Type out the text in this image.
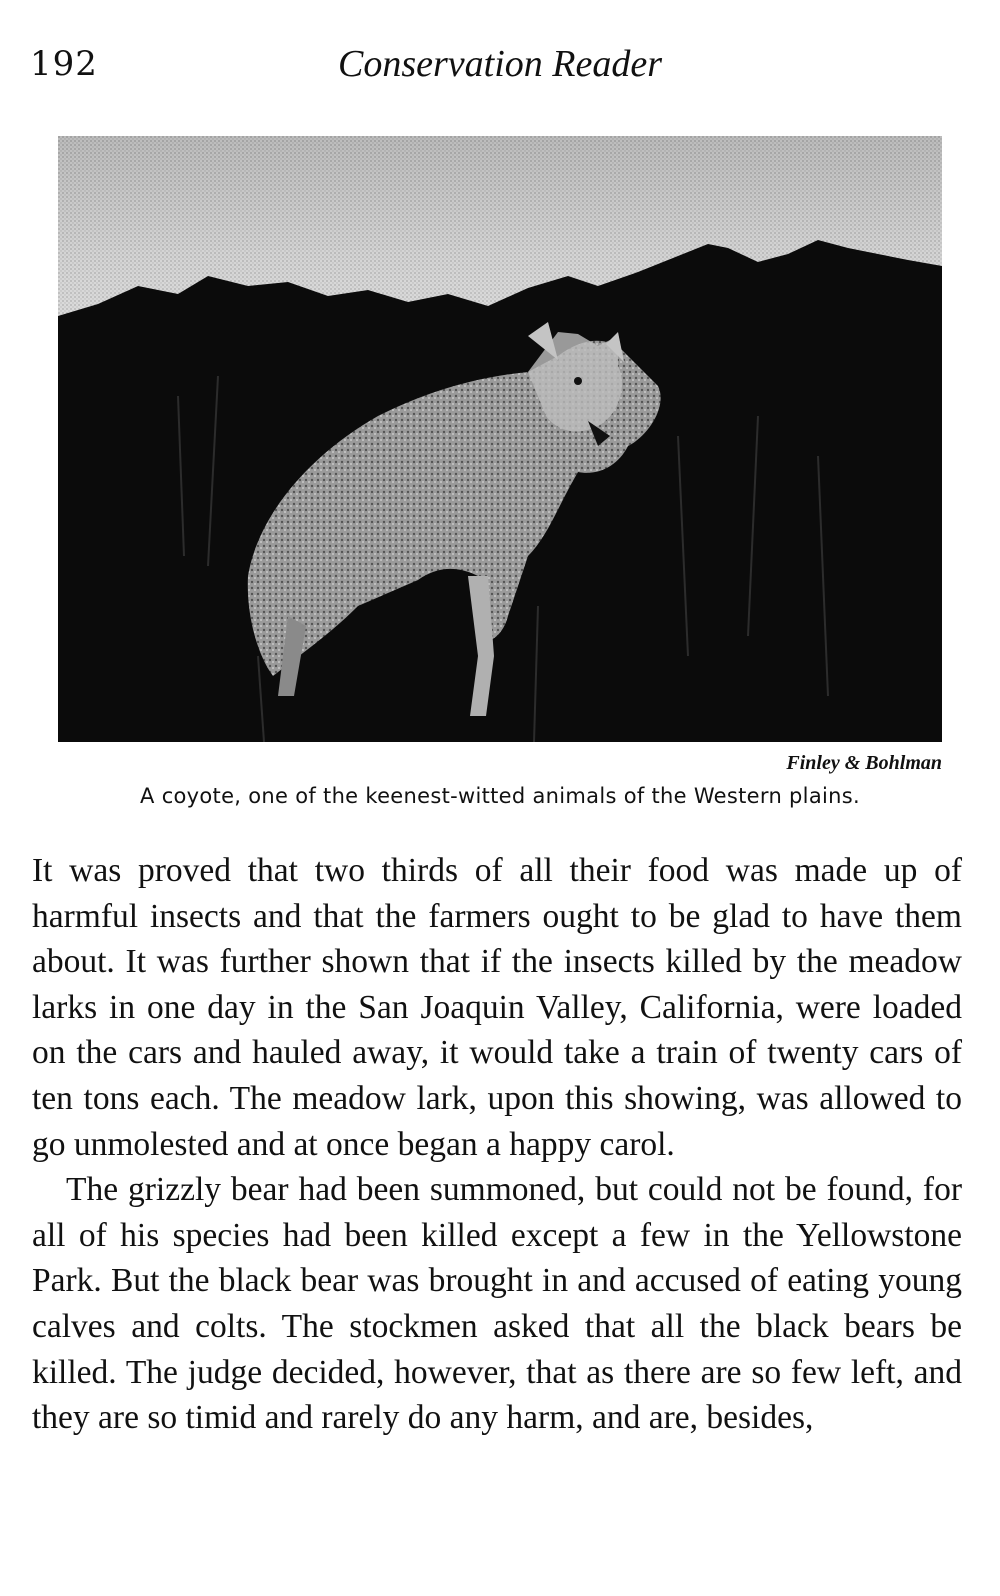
192	Conservation Reader
Finley & Bohlman
A coyote, one of the keenest-witted animals of the Western plains.

It was proved that two thirds of all their food was made up of harmful insects and that the farmers ought to be glad to have them about. It was further shown that if the insects killed by the meadow larks in one day in the San Joaquin Valley, California, were loaded on the cars and hauled away, it would take a train of twenty cars of ten tons each. The meadow lark, upon this showing, was allowed to go unmolested and at once began a happy carol.

The grizzly bear had been summoned, but could not be found, for all of his species had been killed except a few in the Yellowstone Park. But the black bear was brought in and accused of eating young calves and colts. The stockmen asked that all the black bears be killed. The judge decided, however, that as there are so few left, and they are so timid and rarely do any harm, and are, besides,
